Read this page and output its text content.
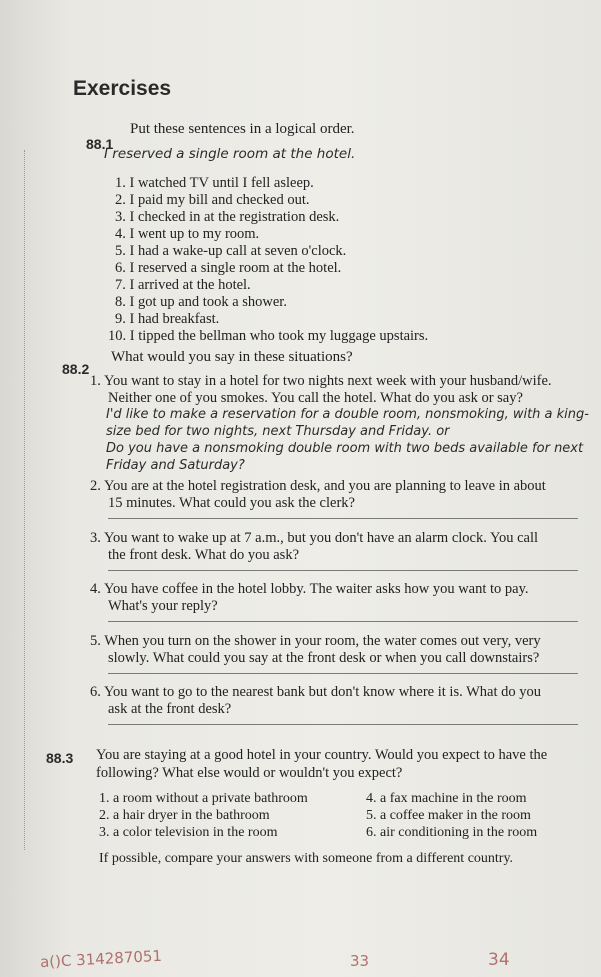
Exercises
88.1
Put these sentences in a logical order.
I reserved a single room at the hotel.
1. I watched TV until I fell asleep.
2. I paid my bill and checked out.
3. I checked in at the registration desk.
4. I went up to my room.
5. I had a wake-up call at seven o'clock.
6. I reserved a single room at the hotel.
7. I arrived at the hotel.
8. I got up and took a shower.
9. I had breakfast.
10. I tipped the bellman who took my luggage upstairs.
88.2
What would you say in these situations?
1. You want to stay in a hotel for two nights next week with your husband/wife.
Neither one of you smokes. You call the hotel. What do you ask or say?
I'd like to make a reservation for a double room, nonsmoking, with a king-
size bed for two nights, next Thursday and Friday. or
Do you have a nonsmoking double room with two beds available for next
Friday and Saturday?
2. You are at the hotel registration desk, and you are planning to leave in about
15 minutes. What could you ask the clerk?
3. You want to wake up at 7 a.m., but you don't have an alarm clock. You call
the front desk. What do you ask?
4. You have coffee in the hotel lobby. The waiter asks how you want to pay.
What's your reply?
5. When you turn on the shower in your room, the water comes out very, very
slowly. What could you say at the front desk or when you call downstairs?
6. You want to go to the nearest bank but don't know where it is. What do you
ask at the front desk?
88.3 You are staying at a good hotel in your country. Would you expect to have the
following? What else would or wouldn't you expect?
1. a room without a private bathroom
2. a hair dryer in the bathroom
3. a color television in the room
4. a fax machine in the room
5. a coffee maker in the room
6. air conditioning in the room
If possible, compare your answers with someone from a different country.
a()C 314287051	33	34
